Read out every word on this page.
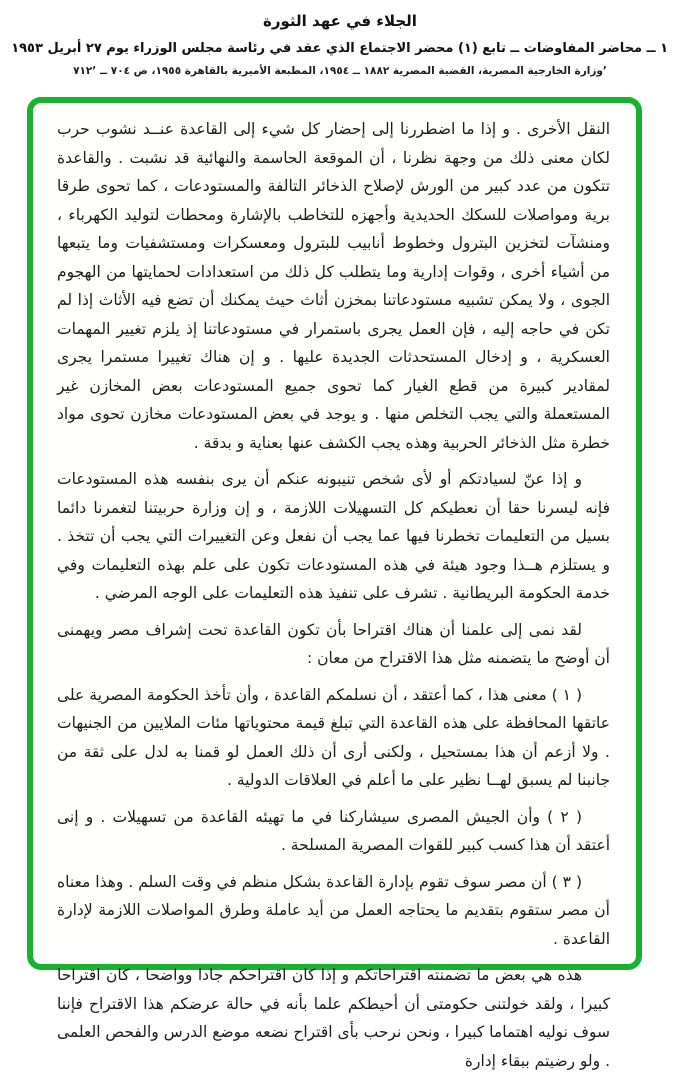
الجلاء في عهد الثورة
١ ــ محاضر المفاوضات ــ تابع (١) محضر الاجتماع الذي عقد في رئاسة مجلس الوزراء يوم ٢٧ أبريل ١٩٥٣
ʼوزارة الخارجية المصرية، القضية المصرية ١٨٨٢ ــ ١٩٥٤، المطبعة الأميرية بالقاهرة ١٩٥٥، ص ٧٠٤ ــ ٧١٢ʼ

النقل الأخرى . و إذا ما اضطررنا إلى إحضار كل شيء إلى القاعدة عنــد نشوب حرب لكان معنى ذلك من وجهة نظرنا ، أن الموقعة الحاسمة والنهائية قد نشبت . والقاعدة تتكون من عدد كبير من الورش لإصلاح الذخائر التالفة والمستودعات ، كما تحوى طرقا برية ومواصلات للسكك الحديدية وأجهزه للتخاطب بالإشارة ومحطات لتوليد الكهرباء ، ومنشآت لتخزين البترول وخطوط أنابيب للبترول ومعسكرات ومستشفيات وما يتبعها من أشياء أخرى ، وقوات إدارية وما يتطلب كل ذلك من استعدادات لحمايتها من الهجوم الجوى ، ولا يمكن تشبيه مستودعاتنا بمخزن أثاث حيث يمكنك أن تضع فيه الأثاث إذا لم تكن في حاجه إليه ، فإن العمل يجرى باستمرار في مستودعاتنا إذ يلزم تغيير المهمات العسكرية ، و إدخال المستحدثات الجديدة عليها . و إن هناك تغييرا مستمرا يجرى لمقادير كبيرة من قطع الغيار كما تحوى جميع المستودعات بعض المخازن غير المستعملة والتي يجب التخلص منها . و يوجد في بعض المستودعات مخازن تحوى مواد خطرة مثل الذخائر الحربية وهذه يجب الكشف عنها بعناية و بدقة .

و إذا عنّ لسيادتكم أو لأى شخص تنيبونه عنكم أن يرى بنفسه هذه المستودعات فإنه ليسرنا حقا أن نعطيكم كل التسهيلات اللازمة ، و إن وزارة حربيتنا لتغمرنا دائما بسيل من التعليمات تخطرنا فيها عما يجب أن نفعل وعن التغييرات التي يجب أن تتخذ . و يستلزم هــذا وجود هيئة في هذه المستودعات تكون على علم بهذه التعليمات وفي خدمة الحكومة البريطانية . تشرف على تنفيذ هذه التعليمات على الوجه المرضي .

لقد نمى إلى علمنا أن هناك اقتراحا بأن تكون القاعدة تحت إشراف مصر ويهمنى أن أوضح ما يتضمنه مثل هذا الاقتراح من معان :

( ١ ) معنى هذا ، كما أعتقد ، أن نسلمكم القاعدة ، وأن تأخذ الحكومة المصرية على عاتقها المحافظة على هذه القاعدة التي تبلغ قيمة محتوياتها مئات الملايين من الجنيهات . ولا أزعم أن هذا بمستحيل ، ولكنى أرى أن ذلك العمل لو قمنا به لدل على ثقة من جانبنا لم يسبق لهــا نظير على ما أعلم في العلاقات الدولية .

( ٢ ) وأن الجيش المصرى سيشاركنا في ما تهيئه القاعدة من تسهيلات . و إنى أعتقد أن هذا كسب كبير للقوات المصرية المسلحة .

( ٣ ) أن مصر سوف تقوم بإدارة القاعدة بشكل منظم في وقت السلم . وهذا معناه أن مصر ستقوم بتقديم ما يحتاجه العمل من أيد عاملة وطرق المواصلات اللازمة لإدارة القاعدة .

هذه هي بعض ما تضمنته اقتراحاتكم و إذا كان اقتراحكم جادا وواضحا ، كان اقتراحا كبيرا ، ولقد خولتنى حكومتى أن أحيطكم علما بأنه في حالة عرضكم هذا الاقتراح فإننا سوف نوليه اهتماما كبيرا ، ونحن نرحب بأى اقتراح نضعه موضع الدرس والفحص العلمى . ولو رضيتم ببقاء إدارة
